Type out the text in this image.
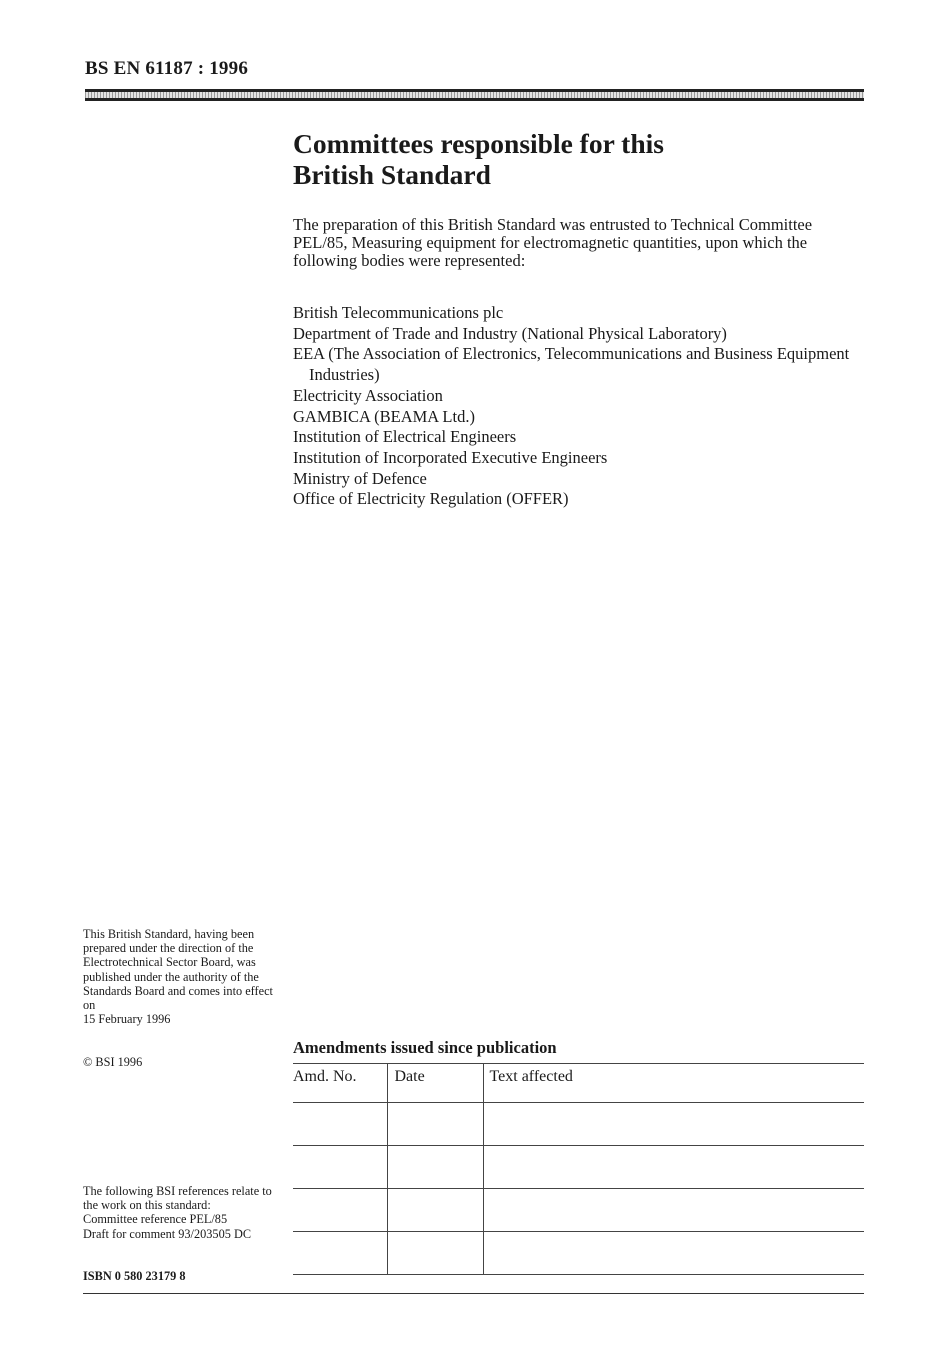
BS EN 61187 : 1996
Committees responsible for this
British Standard

The preparation of this British Standard was entrusted to Technical Committee PEL/85, Measuring equipment for electromagnetic quantities, upon which the following bodies were represented:

British Telecommunications plc
Department of Trade and Industry (National Physical Laboratory)
EEA (The Association of Electronics, Telecommunications and Business Equipment Industries)
Electricity Association
GAMBICA (BEAMA Ltd.)
Institution of Electrical Engineers
Institution of Incorporated Executive Engineers
Ministry of Defence
Office of Electricity Regulation (OFFER)

This British Standard, having been prepared under the direction of the Electrotechnical Sector Board, was published under the authority of the Standards Board and comes into effect on
15 February 1996

© BSI 1996

The following BSI references relate to the work on this standard:
Committee reference PEL/85
Draft for comment 93/203505 DC

ISBN 0 580 23179 8

Amendments issued since publication
Amd. No.	Date	Text affected
